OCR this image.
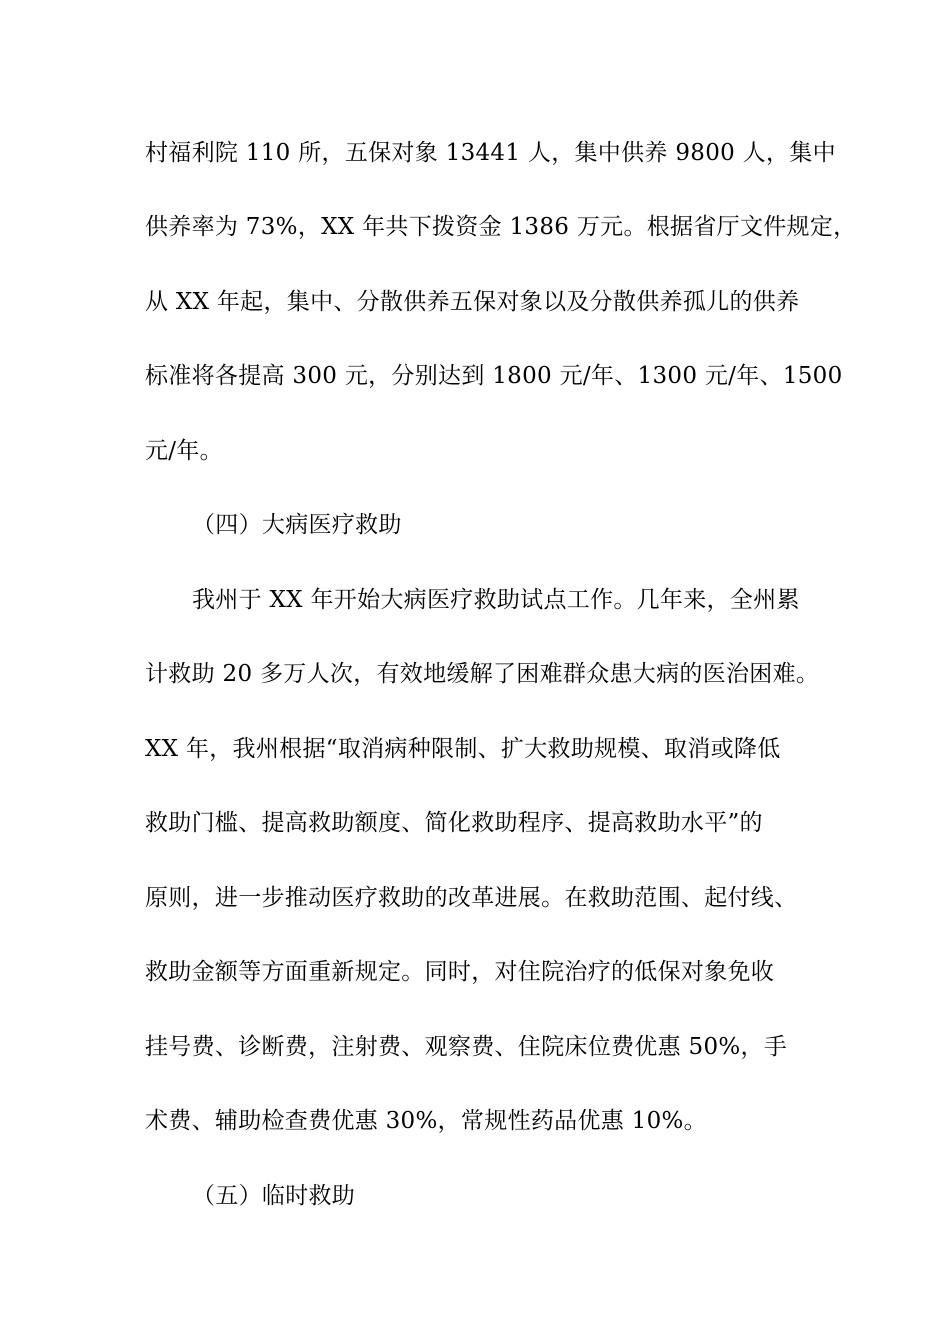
村福利院 110 所，五保对象 13441 人，集中供养 9800 人，集中
供养率为 73%，XX 年共下拨资金 1386 万元。根据省厅文件规定，
从 XX 年起，集中、分散供养五保对象以及分散供养孤儿的供养
标准将各提高 300 元，分别达到 1800 元/年、1300 元/年、1500
元/年。
（四）大病医疗救助
我州于 XX 年开始大病医疗救助试点工作。几年来，全州累
计救助 20 多万人次，有效地缓解了困难群众患大病的医治困难。
XX 年，我州根据“取消病种限制、扩大救助规模、取消或降低
救助门槛、提高救助额度、简化救助程序、提高救助水平”的
原则，进一步推动医疗救助的改革进展。在救助范围、起付线、
救助金额等方面重新规定。同时，对住院治疗的低保对象免收
挂号费、诊断费，注射费、观察费、住院床位费优惠 50%，手
术费、辅助检查费优惠 30%，常规性药品优惠 10%。
（五）临时救助
